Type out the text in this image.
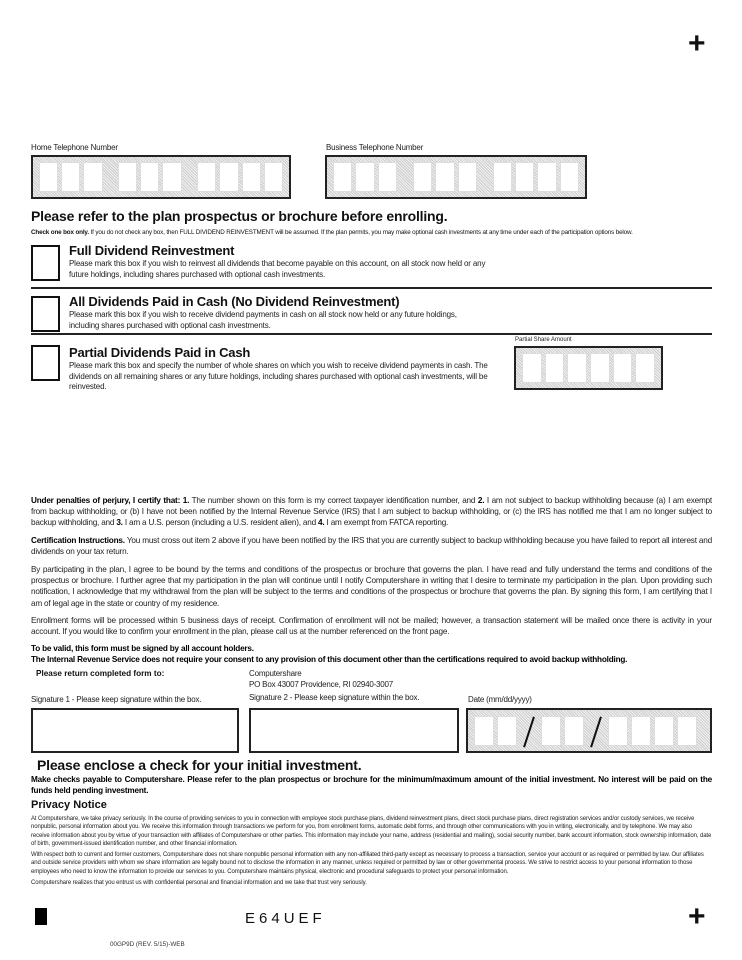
+
Home Telephone Number	Business Telephone Number
Please refer to the plan prospectus or brochure before enrolling.
Check one box only. If you do not check any box, then FULL DIVIDEND REINVESTMENT will be assumed. If the plan permits, you may make optional cash investments at any time under each of the participation options below.
Full Dividend Reinvestment
Please mark this box if you wish to reinvest all dividends that become payable on this account, on all stock now held or any future holdings, including shares purchased with optional cash investments.
All Dividends Paid in Cash (No Dividend Reinvestment)
Please mark this box if you wish to receive dividend payments in cash on all stock now held or any future holdings, including shares purchased with optional cash investments.
Partial Dividends Paid in Cash
Please mark this box and specify the number of whole shares on which you wish to receive dividend payments in cash. The dividends on all remaining shares or any future holdings, including shares purchased with optional cash investments, will be reinvested.
Partial Share Amount
Under penalties of perjury, I certify that: 1. The number shown on this form is my correct taxpayer identification number, and 2. I am not subject to backup withholding because (a) I am exempt from backup withholding, or (b) I have not been notified by the Internal Revenue Service (IRS) that I am subject to backup withholding, or (c) the IRS has notified me that I am no longer subject to backup withholding, and 3. I am a U.S. person (including a U.S. resident alien), and 4. I am exempt from FATCA reporting.
Certification Instructions. You must cross out item 2 above if you have been notified by the IRS that you are currently subject to backup withholding because you have failed to report all interest and dividends on your tax return.
By participating in the plan, I agree to be bound by the terms and conditions of the prospectus or brochure that governs the plan. I have read and fully understand the terms and conditions of the prospectus or brochure. I further agree that my participation in the plan will continue until I notify Computershare in writing that I desire to terminate my participation in the plan. Upon providing such notification, I acknowledge that my withdrawal from the plan will be subject to the terms and conditions of the prospectus or brochure that governs the plan. By signing this form, I am certifying that I am of legal age in the state or country of my residence.
Enrollment forms will be processed within 5 business days of receipt. Confirmation of enrollment will not be mailed; however, a transaction statement will be mailed once there is activity in your account. If you would like to confirm your enrollment in the plan, please call us at the number referenced on the front page.
To be valid, this form must be signed by all account holders.
The Internal Revenue Service does not require your consent to any provision of this document other than the certifications required to avoid backup withholding.
Please return completed form to:	Computershare
PO Box 43007 Providence, RI 02940-3007
Signature 1 - Please keep signature within the box.	Signature 2 - Please keep signature within the box.	Date (mm/dd/yyyy)
Please enclose a check for your initial investment.
Make checks payable to Computershare. Please refer to the plan prospectus or brochure for the minimum/maximum amount of the initial investment. No interest will be paid on the funds held pending investment.
Privacy Notice
At Computershare, we take privacy seriously. In the course of providing services to you in connection with employee stock purchase plans, dividend reinvestment plans, direct stock purchase plans, direct registration services and/or custody services, we receive nonpublic, personal information about you. We receive this information through transactions we perform for you, from enrollment forms, automatic debit forms, and through other communications with you in writing, electronically, and by telephone. We may also receive information about you by virtue of your transaction with affiliates of Computershare or other parties. This information may include your name, address (residential and mailing), social security number, bank account information, stock ownership information, date of birth, government-issued identification number, and other financial information.
With respect both to current and former customers, Computershare does not share nonpublic personal information with any non-affiliated third-party except as necessary to process a transaction, service your account or as required or permitted by law. Our affiliates and outside service providers with whom we share information are legally bound not to disclose the information in any manner, unless required or permitted by law or other governmental process. We strive to restrict access to your personal information to those employees who need to know the information to provide our services to you. Computershare maintains physical, electronic and procedural safeguards to protect your personal information.
Computershare realizes that you entrust us with confidential personal and financial information and we take that trust very seriously.
E64UEF	+
00GP9D (REV. 5/15)-WEB
